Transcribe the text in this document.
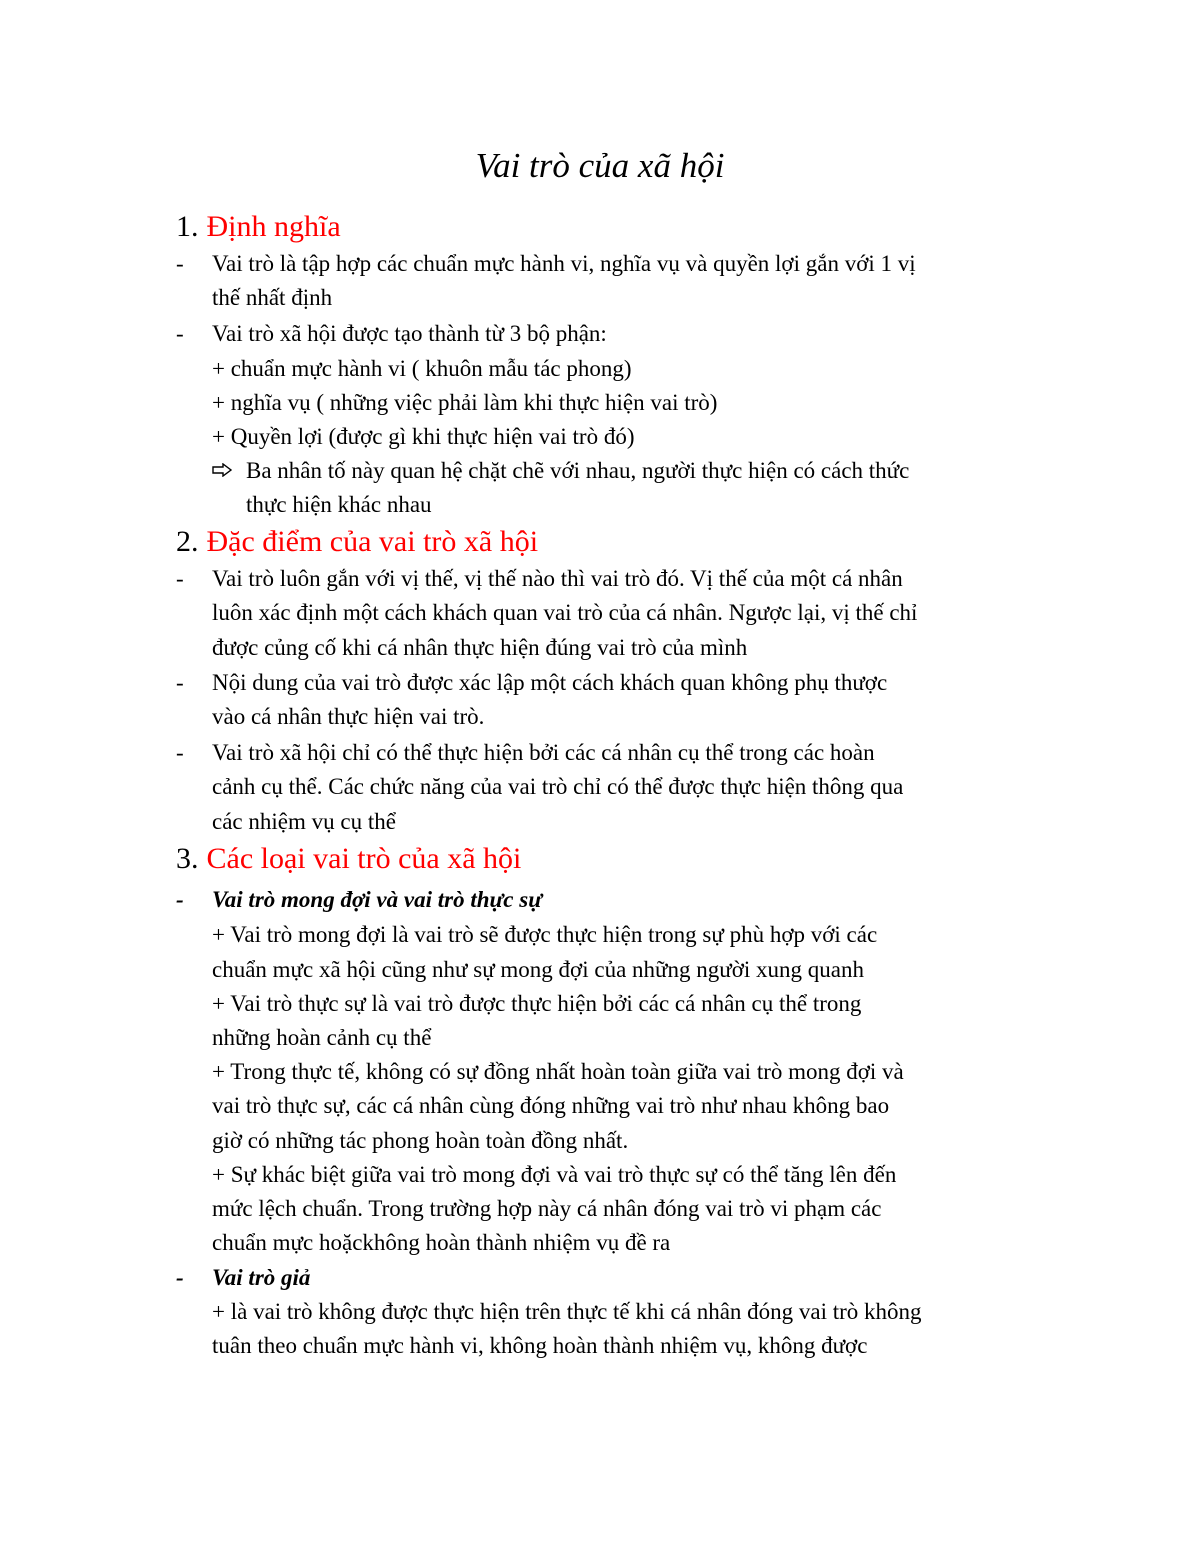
Vai trò của xã hội
1. Định nghĩa
- Vai trò là tập hợp các chuẩn mực hành vi, nghĩa vụ và quyền lợi gắn với 1 vị
thế nhất định
- Vai trò xã hội được tạo thành từ 3 bộ phận:
+ chuẩn mực hành vi ( khuôn mẫu tác phong)
+ nghĩa vụ ( những việc phải làm khi thực hiện vai trò)
+ Quyền lợi (được gì khi thực hiện vai trò đó)
Ba nhân tố này quan hệ chặt chẽ với nhau, người thực hiện có cách thức
thực hiện khác nhau
2. Đặc điểm của vai trò xã hội
- Vai trò luôn gắn với vị thế, vị thế nào thì vai trò đó. Vị thế của một cá nhân
luôn xác định một cách khách quan vai trò của cá nhân. Ngược lại, vị thế chỉ
được củng cố khi cá nhân thực hiện đúng vai trò của mình
- Nội dung của vai trò được xác lập một cách khách quan không phụ thược
vào cá nhân thực hiện vai trò.
- Vai trò xã hội chỉ có thể thực hiện bởi các cá nhân cụ thể trong các hoàn
cảnh cụ thể. Các chức năng của vai trò chỉ có thể được thực hiện thông qua
các nhiệm vụ cụ thể
3. Các loại vai trò của xã hội
- Vai trò mong đợi và vai trò thực sự
+ Vai trò mong đợi là vai trò sẽ được thực hiện trong sự phù hợp với các
chuẩn mực xã hội cũng như sự mong đợi của những người xung quanh
+ Vai trò thực sự là vai trò được thực hiện bởi các cá nhân cụ thể trong
những hoàn cảnh cụ thể
+ Trong thực tế, không có sự đồng nhất hoàn toàn giữa vai trò mong đợi và
vai trò thực sự, các cá nhân cùng đóng những vai trò như nhau không bao
giờ có những tác phong hoàn toàn đồng nhất.
+ Sự khác biệt giữa vai trò mong đợi và vai trò thực sự có thể tăng lên đến
mức lệch chuẩn. Trong trường hợp này cá nhân đóng vai trò vi phạm các
chuẩn mực hoặckhông hoàn thành nhiệm vụ đề ra
- Vai trò giả
+ là vai trò không được thực hiện trên thực tế khi cá nhân đóng vai trò không
tuân theo chuẩn mực hành vi, không hoàn thành nhiệm vụ, không được
